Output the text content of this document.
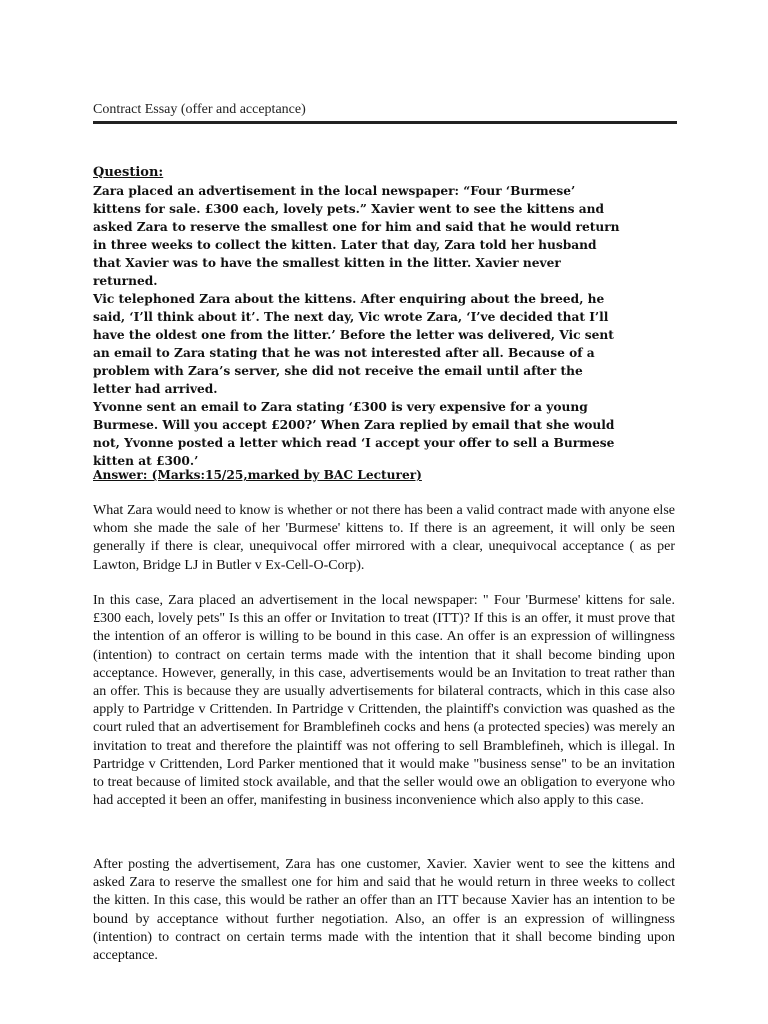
Contract Essay (offer and acceptance)
Question:

Zara placed an advertisement in the local newspaper: “Four ‘Burmese’ kittens for sale. £300 each, lovely pets.” Xavier went to see the kittens and asked Zara to reserve the smallest one for him and said that he would return in three weeks to collect the kitten. Later that day, Zara told her husband that Xavier was to have the smallest kitten in the litter. Xavier never returned.

Vic telephoned Zara about the kittens. After enquiring about the breed, he said, ‘I’ll think about it’. The next day, Vic wrote Zara, ‘I’ve decided that I’ll have the oldest one from the litter.’ Before the letter was delivered, Vic sent an email to Zara stating that he was not interested after all. Because of a problem with Zara’s server, she did not receive the email until after the letter had arrived.

Yvonne sent an email to Zara stating ‘£300 is very expensive for a young Burmese. Will you accept £200?’ When Zara replied by email that she would not, Yvonne posted a letter which read ‘I accept your offer to sell a Burmese kitten at £300.’

Answer: (Marks:15/25,marked by BAC Lecturer)

What Zara would need to know is whether or not there has been a valid contract made with anyone else whom she made the sale of her 'Burmese' kittens to. If there is an agreement, it will only be seen generally if there is clear, unequivocal offer mirrored with a clear, unequivocal acceptance ( as per Lawton, Bridge LJ in Butler v Ex-Cell-O-Corp).

In this case, Zara placed an advertisement in the local newspaper: " Four 'Burmese' kittens for sale. £300 each, lovely pets" Is this an offer or Invitation to treat (ITT)? If this is an offer, it must prove that the intention of an offeror is willing to be bound in this case. An offer is an expression of willingness (intention) to contract on certain terms made with the intention that it shall become binding upon acceptance. However, generally, in this case, advertisements would be an Invitation to treat rather than an offer. This is because they are usually advertisements for bilateral contracts, which in this case also apply to Partridge v Crittenden. In Partridge v Crittenden, the plaintiff's conviction was quashed as the court ruled that an advertisement for Bramblefineh cocks and hens (a protected species) was merely an invitation to treat and therefore the plaintiff was not offering to sell Bramblefineh, which is illegal. In Partridge v Crittenden, Lord Parker mentioned that it would make "business sense" to be an invitation to treat because of limited stock available, and that the seller would owe an obligation to everyone who had accepted it been an offer, manifesting in business inconvenience which also apply to this case.

After posting the advertisement, Zara has one customer, Xavier. Xavier went to see the kittens and asked Zara to reserve the smallest one for him and said that he would return in three weeks to collect the kitten. In this case, this would be rather an offer than an ITT because Xavier has an intention to be bound by acceptance without further negotiation. Also, an offer is an expression of willingness (intention) to contract on certain terms made with the intention that it shall become binding upon acceptance.
